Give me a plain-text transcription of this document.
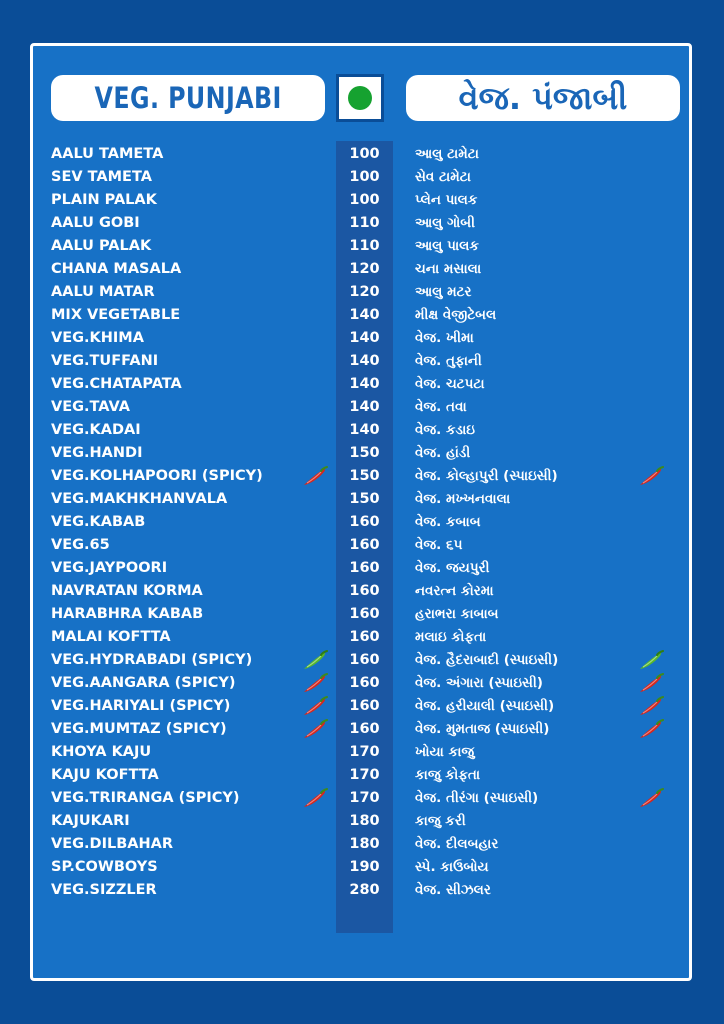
VEG. PUNJABI	વેજ. પંજાબી
AALU TAMETA	100	આલુ ટામેટા
SEV TAMETA	100	સેવ ટામેટા
PLAIN PALAK	100	પ્લેન પાલક
AALU GOBI	110	આલુ ગોબી
AALU PALAK	110	આલુ પાલક
CHANA MASALA	120	ચના મસાલા
AALU MATAR	120	આલુ મટર
MIX VEGETABLE	140	મીક્ષ વેજીટેબલ
VEG.KHIMA	140	વેજ. ખીમા
VEG.TUFFANI	140	વેજ. તુફાની
VEG.CHATAPATA	140	વેજ. ચટપટા
VEG.TAVA	140	વેજ. તવા
VEG.KADAI	140	વેજ. કડાઇ
VEG.HANDI	150	વેજ. હાંડી
VEG.KOLHAPOORI (SPICY)	150	વેજ. કોલ્હાપુરી (સ્પાઇસી)
VEG.MAKHKHANVALA	150	વેજ. મખ્ખનવાલા
VEG.KABAB	160	વેજ. કબાબ
VEG.65	160	વેજ. ૬૫
VEG.JAYPOORI	160	વેજ. જયપુરી
NAVRATAN KORMA	160	નવરત્ન કોરમા
HARABHRA KABAB	160	હરાભરા કાબાબ
MALAI KOFTTA	160	મલાઇ કોફતા
VEG.HYDRABADI (SPICY)	160	વેજ. હૈદરાબાદી (સ્પાઇસી)
VEG.AANGARA (SPICY)	160	વેજ. અંગારા (સ્પાઇસી)
VEG.HARIYALI (SPICY)	160	વેજ. હરીયાલી (સ્પાઇસી)
VEG.MUMTAZ (SPICY)	160	વેજ. મુમતાજ (સ્પાઇસી)
KHOYA KAJU	170	ખોયા કાજુ
KAJU KOFTTA	170	કાજુ કોફતા
VEG.TRIRANGA (SPICY)	170	વેજ. તીરંગા (સ્પાઇસી)
KAJUKARI	180	કાજુ કરી
VEG.DILBAHAR	180	વેજ. દીલબહાર
SP.COWBOYS	190	સ્પે. કાઉબોય
VEG.SIZZLER	280	વેજ. સીઝલર
